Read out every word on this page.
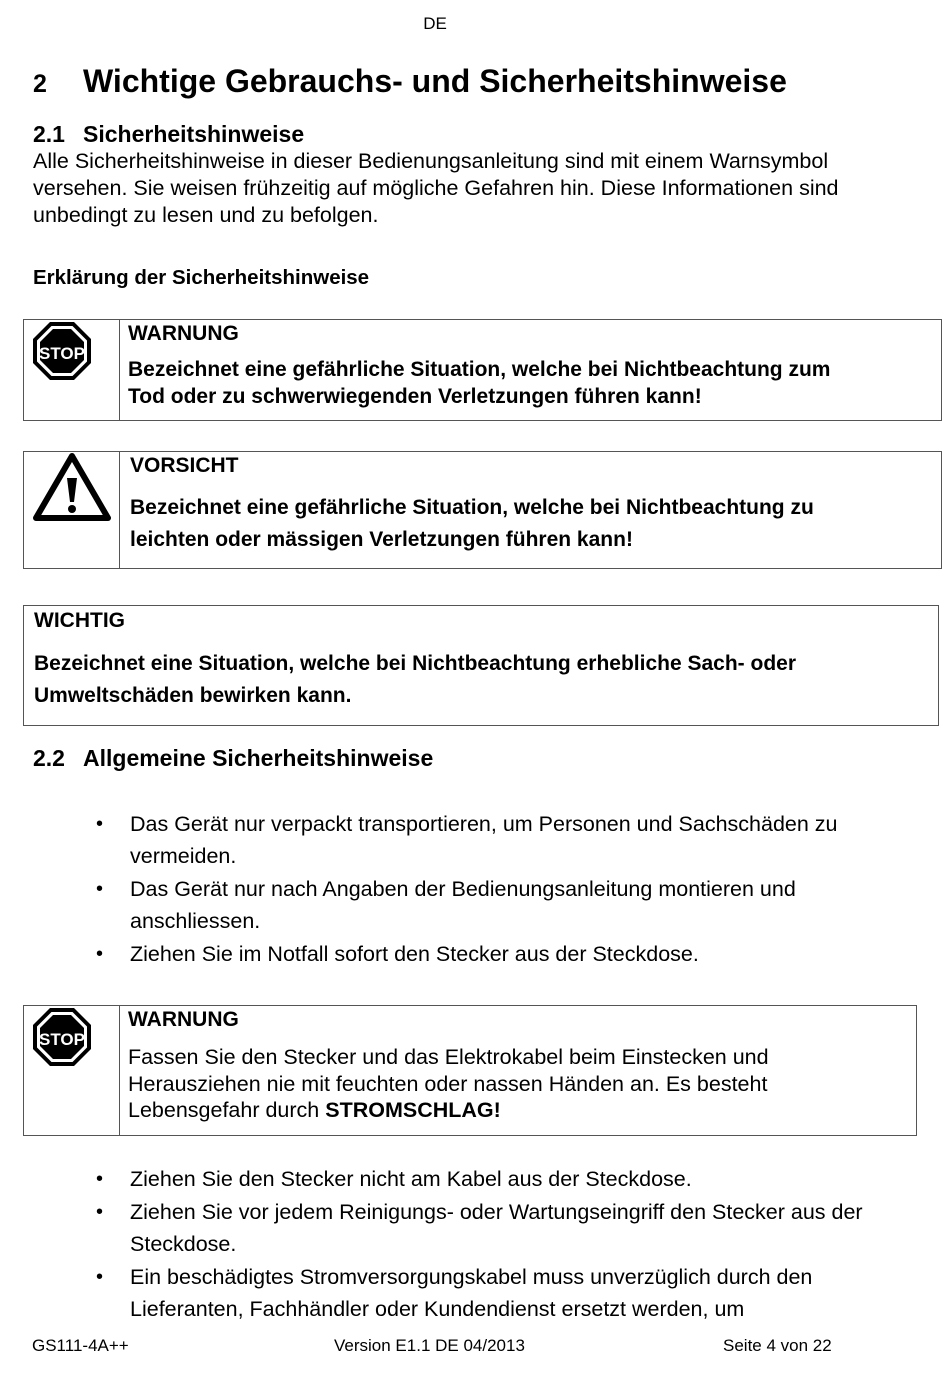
DE
2 Wichtige Gebrauchs- und Sicherheitshinweise
2.1 Sicherheitshinweise
Alle Sicherheitshinweise in dieser Bedienungsanleitung sind mit einem Warnsymbol
versehen. Sie weisen frühzeitig auf mögliche Gefahren hin. Diese Informationen sind
unbedingt zu lesen und zu befolgen.
Erklärung der Sicherheitshinweise
STOP
WARNUNG
Bezeichnet eine gefährliche Situation, welche bei Nichtbeachtung zum
Tod oder zu schwerwiegenden Verletzungen führen kann!
VORSICHT
Bezeichnet eine gefährliche Situation, welche bei Nichtbeachtung zu
leichten oder mässigen Verletzungen führen kann!
WICHTIG
Bezeichnet eine Situation, welche bei Nichtbeachtung erhebliche Sach- oder
Umweltschäden bewirken kann.
2.2 Allgemeine Sicherheitshinweise
• Das Gerät nur verpackt transportieren, um Personen und Sachschäden zu vermeiden.
• Das Gerät nur nach Angaben der Bedienungsanleitung montieren und anschliessen.
• Ziehen Sie im Notfall sofort den Stecker aus der Steckdose.
STOP
WARNUNG
Fassen Sie den Stecker und das Elektrokabel beim Einstecken und
Herausziehen nie mit feuchten oder nassen Händen an. Es besteht
Lebensgefahr durch STROMSCHLAG!
• Ziehen Sie den Stecker nicht am Kabel aus der Steckdose.
• Ziehen Sie vor jedem Reinigungs- oder Wartungseingriff den Stecker aus der Steckdose.
• Ein beschädigtes Stromversorgungskabel muss unverzüglich durch den Lieferanten, Fachhändler oder Kundendienst ersetzt werden, um
GS111-4A++	Version E1.1 DE 04/2013	Seite 4 von 22
